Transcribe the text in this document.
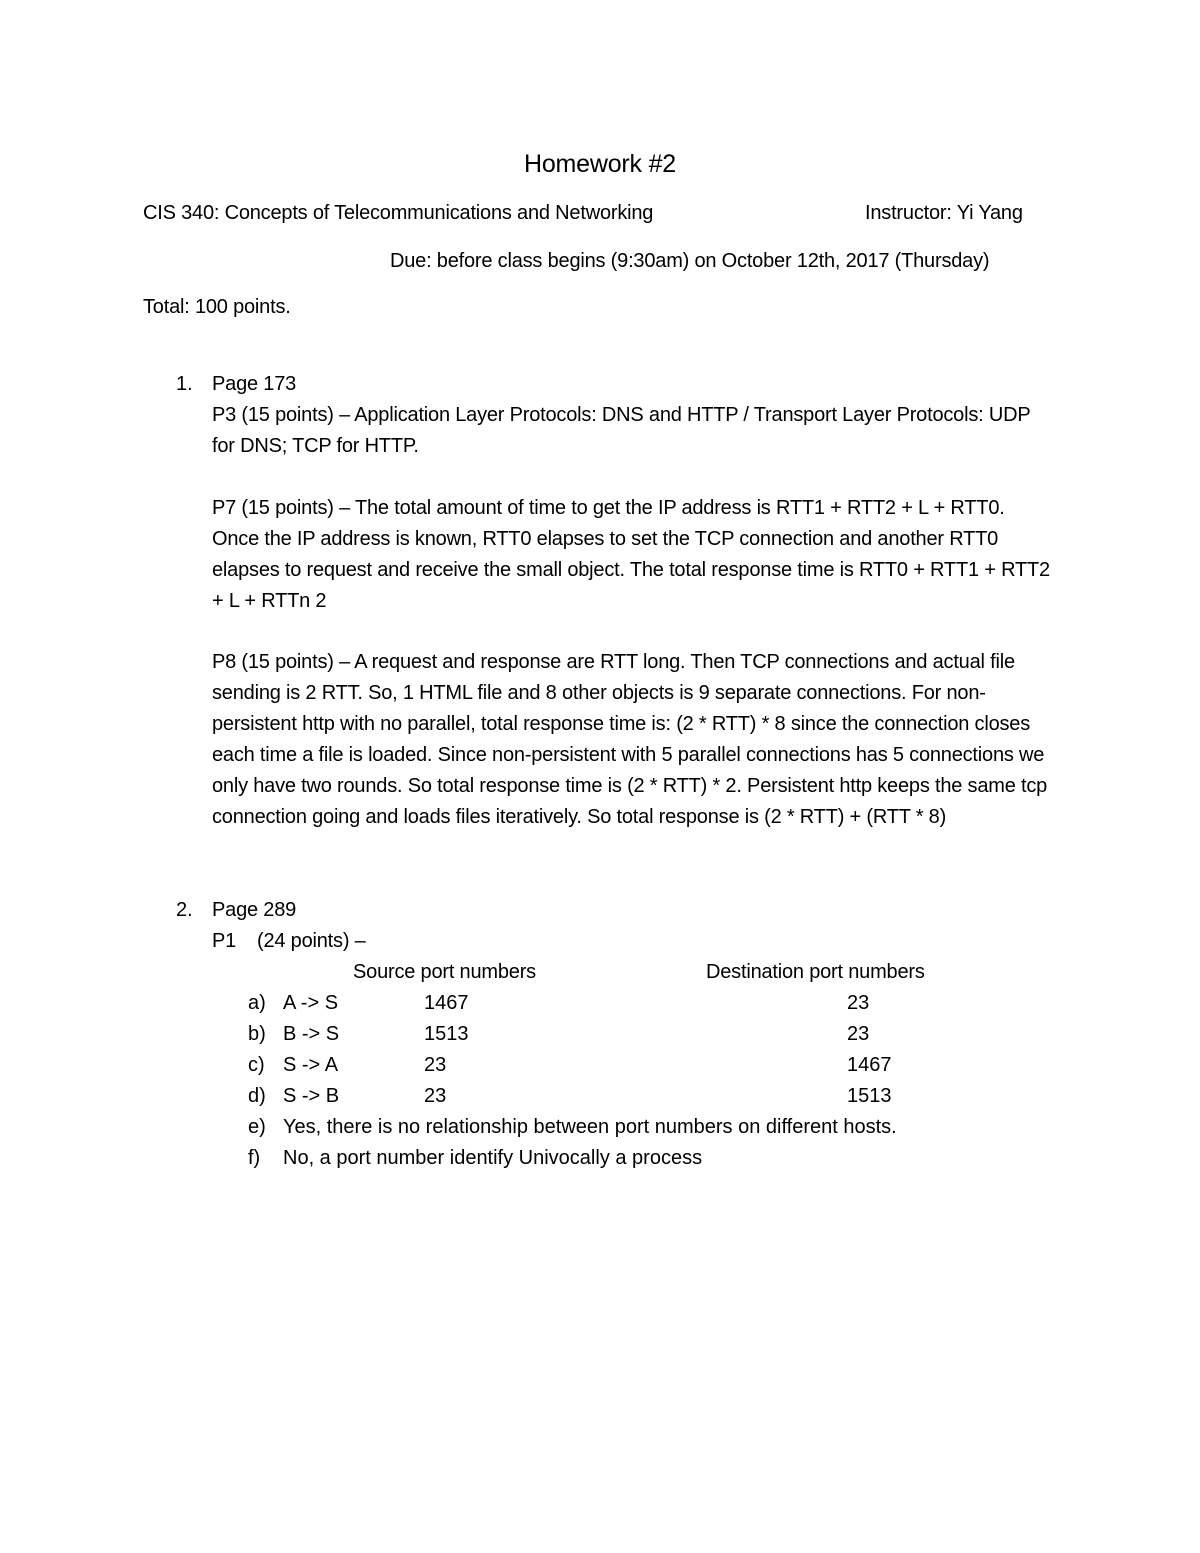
Homework #2
CIS 340: Concepts of Telecommunications and Networking	Instructor: Yi Yang
Due: before class begins (9:30am) on October 12th, 2017 (Thursday)
Total: 100 points.
1. Page 173

P3 (15 points) – Application Layer Protocols: DNS and HTTP / Transport Layer Protocols: UDP for DNS; TCP for HTTP.

P7 (15 points) – The total amount of time to get the IP address is RTT1 + RTT2 + L + RTT0. Once the IP address is known, RTT0 elapses to set the TCP connection and another RTT0 elapses to request and receive the small object. The total response time is RTT0 + RTT1 + RTT2 + L + RTTn 2

P8 (15 points) – A request and response are RTT long. Then TCP connections and actual file sending is 2 RTT. So, 1 HTML file and 8 other objects is 9 separate connections. For non-persistent http with no parallel, total response time is: (2 * RTT) * 8 since the connection closes each time a file is loaded. Since non-persistent with 5 parallel connections has 5 connections we only have two rounds. So total response time is (2 * RTT) * 2. Persistent http keeps the same tcp connection going and loads files iteratively. So total response is (2 * RTT) + (RTT * 8)

2. Page 289
P1 (24 points) –
Source port numbers	Destination port numbers
a) A -> S	1467	23
b) B -> S	1513	23
c) S -> A	23	1467
d) S -> B	23	1513
e) Yes, there is no relationship between port numbers on different hosts.
f) No, a port number identify Univocally a process
